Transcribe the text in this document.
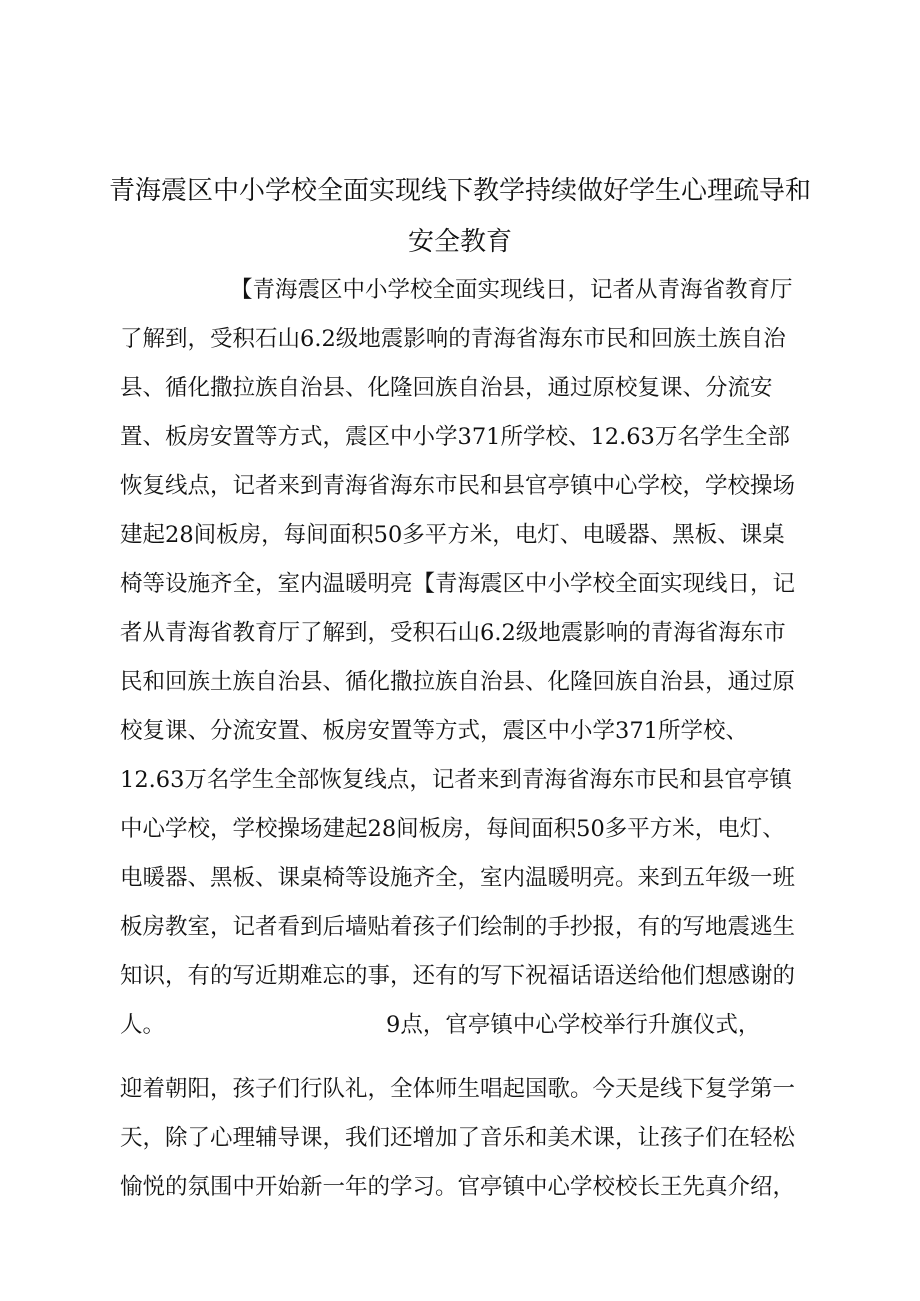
青海震区中小学校全面实现线下教学持续做好学生心理疏导和
安全教育
【青海震区中小学校全面实现线日，记者从青海省教育厅
了解到，受积石山6.2级地震影响的青海省海东市民和回族土族自治
县、循化撒拉族自治县、化隆回族自治县，通过原校复课、分流安
置、板房安置等方式，震区中小学371所学校、12.63万名学生全部
恢复线点，记者来到青海省海东市民和县官亭镇中心学校，学校操场
建起28间板房，每间面积50多平方米，电灯、电暖器、黑板、课桌
椅等设施齐全，室内温暖明亮【青海震区中小学校全面实现线日，记
者从青海省教育厅了解到，受积石山6.2级地震影响的青海省海东市
民和回族土族自治县、循化撒拉族自治县、化隆回族自治县，通过原
校复课、分流安置、板房安置等方式，震区中小学371所学校、
12.63万名学生全部恢复线点，记者来到青海省海东市民和县官亭镇
中心学校，学校操场建起28间板房，每间面积50多平方米，电灯、
电暖器、黑板、课桌椅等设施齐全，室内温暖明亮。来到五年级一班
板房教室，记者看到后墙贴着孩子们绘制的手抄报，有的写地震逃生
知识，有的写近期难忘的事，还有的写下祝福话语送给他们想感谢的
人。	9点，官亭镇中心学校举行升旗仪式，
迎着朝阳，孩子们行队礼，全体师生唱起国歌。今天是线下复学第一
天，除了心理辅导课，我们还增加了音乐和美术课，让孩子们在轻松
愉悦的氛围中开始新一年的学习。官亭镇中心学校校长王先真介绍，
